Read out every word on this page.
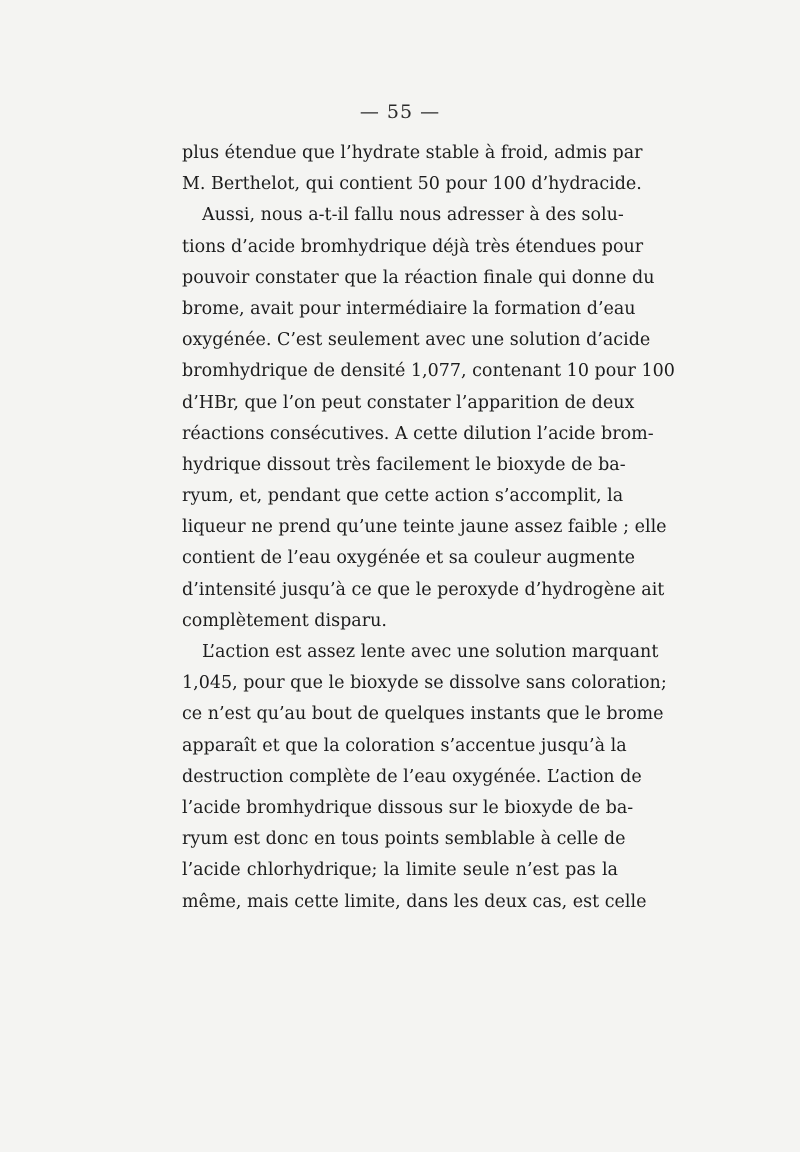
— 55 —
plus étendue que l’hydrate stable à froid, admis par
M. Berthelot, qui contient 50 pour 100 d’hydracide.
Aussi, nous a-t-il fallu nous adresser à des solu-
tions d’acide bromhydrique déjà très étendues pour
pouvoir constater que la réaction finale qui donne du
brome, avait pour intermédiaire la formation d’eau
oxygénée. C’est seulement avec une solution d’acide
bromhydrique de densité 1,077, contenant 10 pour 100
d’HBr, que l’on peut constater l’apparition de deux
réactions consécutives. A cette dilution l’acide brom-
hydrique dissout très facilement le bioxyde de ba-
ryum, et, pendant que cette action s’accomplit, la
liqueur ne prend qu’une teinte jaune assez faible ; elle
contient de l’eau oxygénée et sa couleur augmente
d’intensité jusqu’à ce que le peroxyde d’hydrogène ait
complètement disparu.
L’action est assez lente avec une solution marquant
1,045, pour que le bioxyde se dissolve sans coloration;
ce n’est qu’au bout de quelques instants que le brome
apparaît et que la coloration s’accentue jusqu’à la
destruction complète de l’eau oxygénée. L’action de
l’acide bromhydrique dissous sur le bioxyde de ba-
ryum est donc en tous points semblable à celle de
l’acide chlorhydrique; la limite seule n’est pas la
même, mais cette limite, dans les deux cas, est celle
